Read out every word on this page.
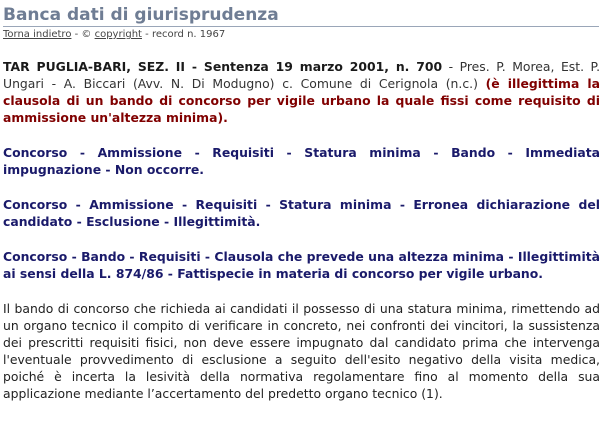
Banca dati di giurisprudenza
Torna indietro - © copyright - record n. 1967

TAR PUGLIA-BARI, SEZ. II - Sentenza 19 marzo 2001, n. 700 - Pres. P. Morea, Est. P. Ungari - A. Biccari (Avv. N. Di Modugno) c. Comune di Cerignola (n.c.) (è illegittima la clausola di un bando di concorso per vigile urbano la quale fissi come requisito di ammissione un'altezza minima).

Concorso - Ammissione - Requisiti - Statura minima - Bando - Immediata impugnazione - Non occorre.

Concorso - Ammissione - Requisiti - Statura minima - Erronea dichiarazione del candidato - Esclusione - Illegittimità.

Concorso - Bando - Requisiti - Clausola che prevede una altezza minima - Illegittimità ai sensi della L. 874/86 - Fattispecie in materia di concorso per vigile urbano.

Il bando di concorso che richieda ai candidati il possesso di una statura minima, rimettendo ad un organo tecnico il compito di verificare in concreto, nei confronti dei vincitori, la sussistenza dei prescritti requisiti fisici, non deve essere impugnato dal candidato prima che intervenga l'eventuale provvedimento di esclusione a seguito dell'esito negativo della visita medica, poiché è incerta la lesività della normativa regolamentare fino al momento della sua applicazione mediante l’accertamento del predetto organo tecnico (1).
